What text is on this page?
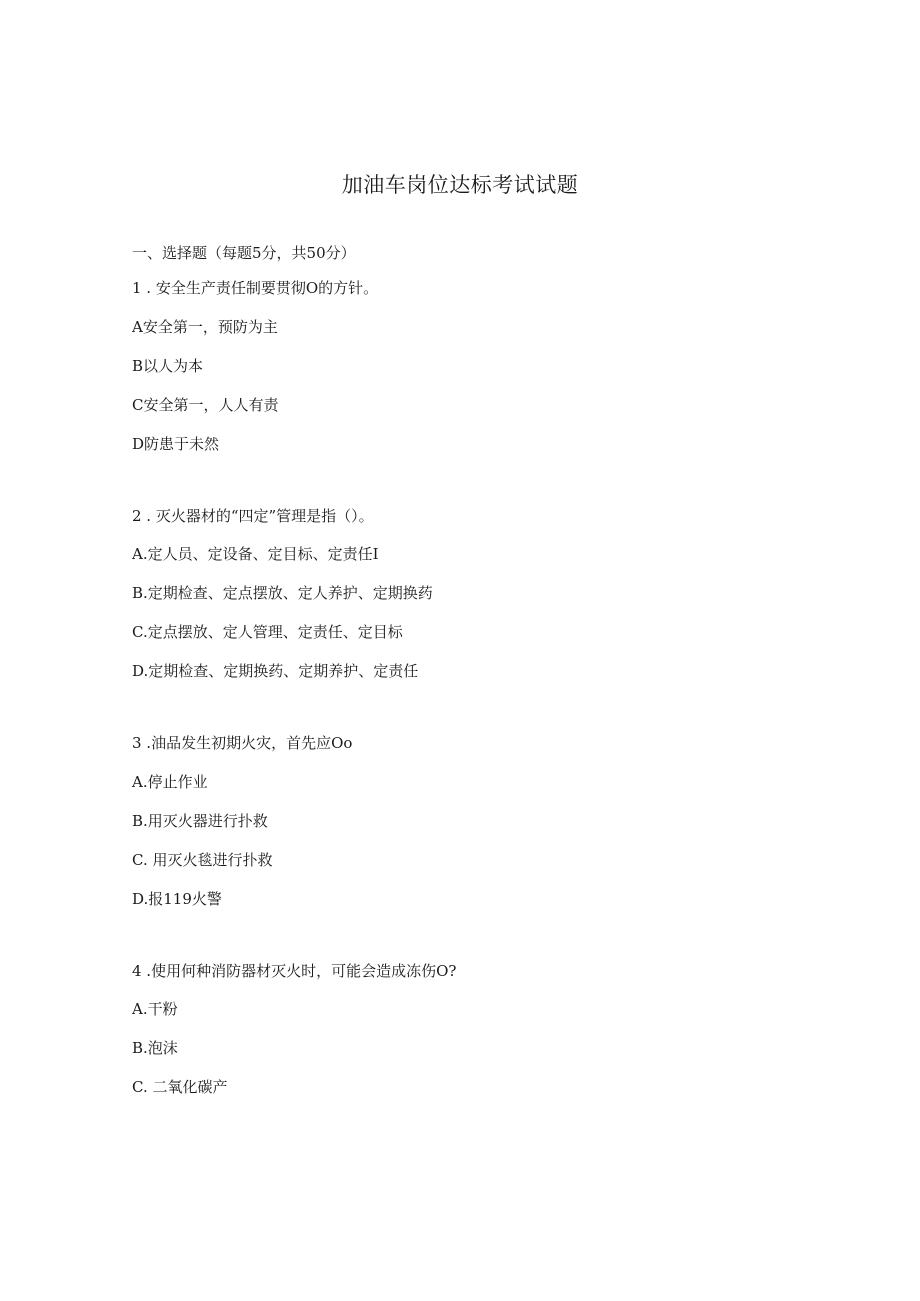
加油车岗位达标考试试题
一、选择题（每题5分，共50分）
1 . 安全生产责任制要贯彻O的方针。
A安全第一，预防为主
B以人为本
C安全第一，人人有责
D防患于未然
2 . 灭火器材的“四定”管理是指（）。
A.定人员、定设备、定目标、定责任I
B.定期检查、定点摆放、定人养护、定期换药
C.定点摆放、定人管理、定责任、定目标
D.定期检查、定期换药、定期养护、定责任
3 .油品发生初期火灾，首先应Oo
A.停止作业
B.用灭火器进行扑救
C. 用灭火毯进行扑救
D.报119火警
4 .使用何种消防器材灭火时，可能会造成冻伤O?
A.干粉
B.泡沫
C. 二氧化碳产
